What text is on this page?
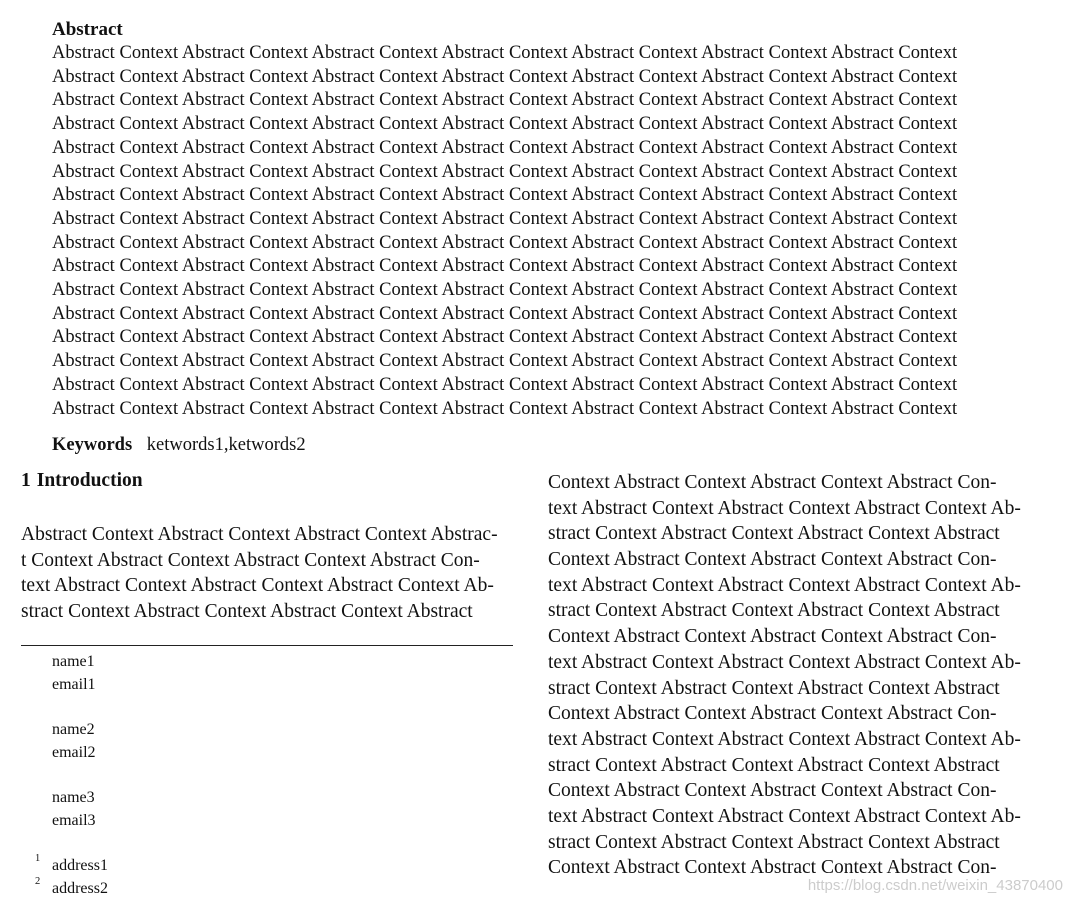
Abstract
Abstract Context Abstract Context Abstract Context Abstract Context Abstract Context Abstract Context Abstract Context
Abstract Context Abstract Context Abstract Context Abstract Context Abstract Context Abstract Context Abstract Context
Abstract Context Abstract Context Abstract Context Abstract Context Abstract Context Abstract Context Abstract Context
Abstract Context Abstract Context Abstract Context Abstract Context Abstract Context Abstract Context Abstract Context
Abstract Context Abstract Context Abstract Context Abstract Context Abstract Context Abstract Context Abstract Context
Abstract Context Abstract Context Abstract Context Abstract Context Abstract Context Abstract Context Abstract Context
Abstract Context Abstract Context Abstract Context Abstract Context Abstract Context Abstract Context Abstract Context
Abstract Context Abstract Context Abstract Context Abstract Context Abstract Context Abstract Context Abstract Context
Abstract Context Abstract Context Abstract Context Abstract Context Abstract Context Abstract Context Abstract Context
Abstract Context Abstract Context Abstract Context Abstract Context Abstract Context Abstract Context Abstract Context
Abstract Context Abstract Context Abstract Context Abstract Context Abstract Context Abstract Context Abstract Context
Abstract Context Abstract Context Abstract Context Abstract Context Abstract Context Abstract Context Abstract Context
Abstract Context Abstract Context Abstract Context Abstract Context Abstract Context Abstract Context Abstract Context
Abstract Context Abstract Context Abstract Context Abstract Context Abstract Context Abstract Context Abstract Context
Abstract Context Abstract Context Abstract Context Abstract Context Abstract Context Abstract Context Abstract Context
Abstract Context Abstract Context Abstract Context Abstract Context Abstract Context Abstract Context Abstract Context
Keywords ketwords1,ketwords2
1 Introduction
Abstract Context Abstract Context Abstract Context Abstrac-
t Context Abstract Context Abstract Context Abstract Con-
text Abstract Context Abstract Context Abstract Context Ab-
stract Context Abstract Context Abstract Context Abstract
name1
email1
name2
email2
name3
email3
1 address1
2 address2
Context Abstract Context Abstract Context Abstract Con-
text Abstract Context Abstract Context Abstract Context Ab-
stract Context Abstract Context Abstract Context Abstract
Context Abstract Context Abstract Context Abstract Con-
text Abstract Context Abstract Context Abstract Context Ab-
stract Context Abstract Context Abstract Context Abstract
Context Abstract Context Abstract Context Abstract Con-
text Abstract Context Abstract Context Abstract Context Ab-
stract Context Abstract Context Abstract Context Abstract
Context Abstract Context Abstract Context Abstract Con-
text Abstract Context Abstract Context Abstract Context Ab-
stract Context Abstract Context Abstract Context Abstract
Context Abstract Context Abstract Context Abstract Con-
text Abstract Context Abstract Context Abstract Context Ab-
stract Context Abstract Context Abstract Context Abstract
Context Abstract Context Abstract Context Abstract Con-
https://blog.csdn.net/weixin_43870400
